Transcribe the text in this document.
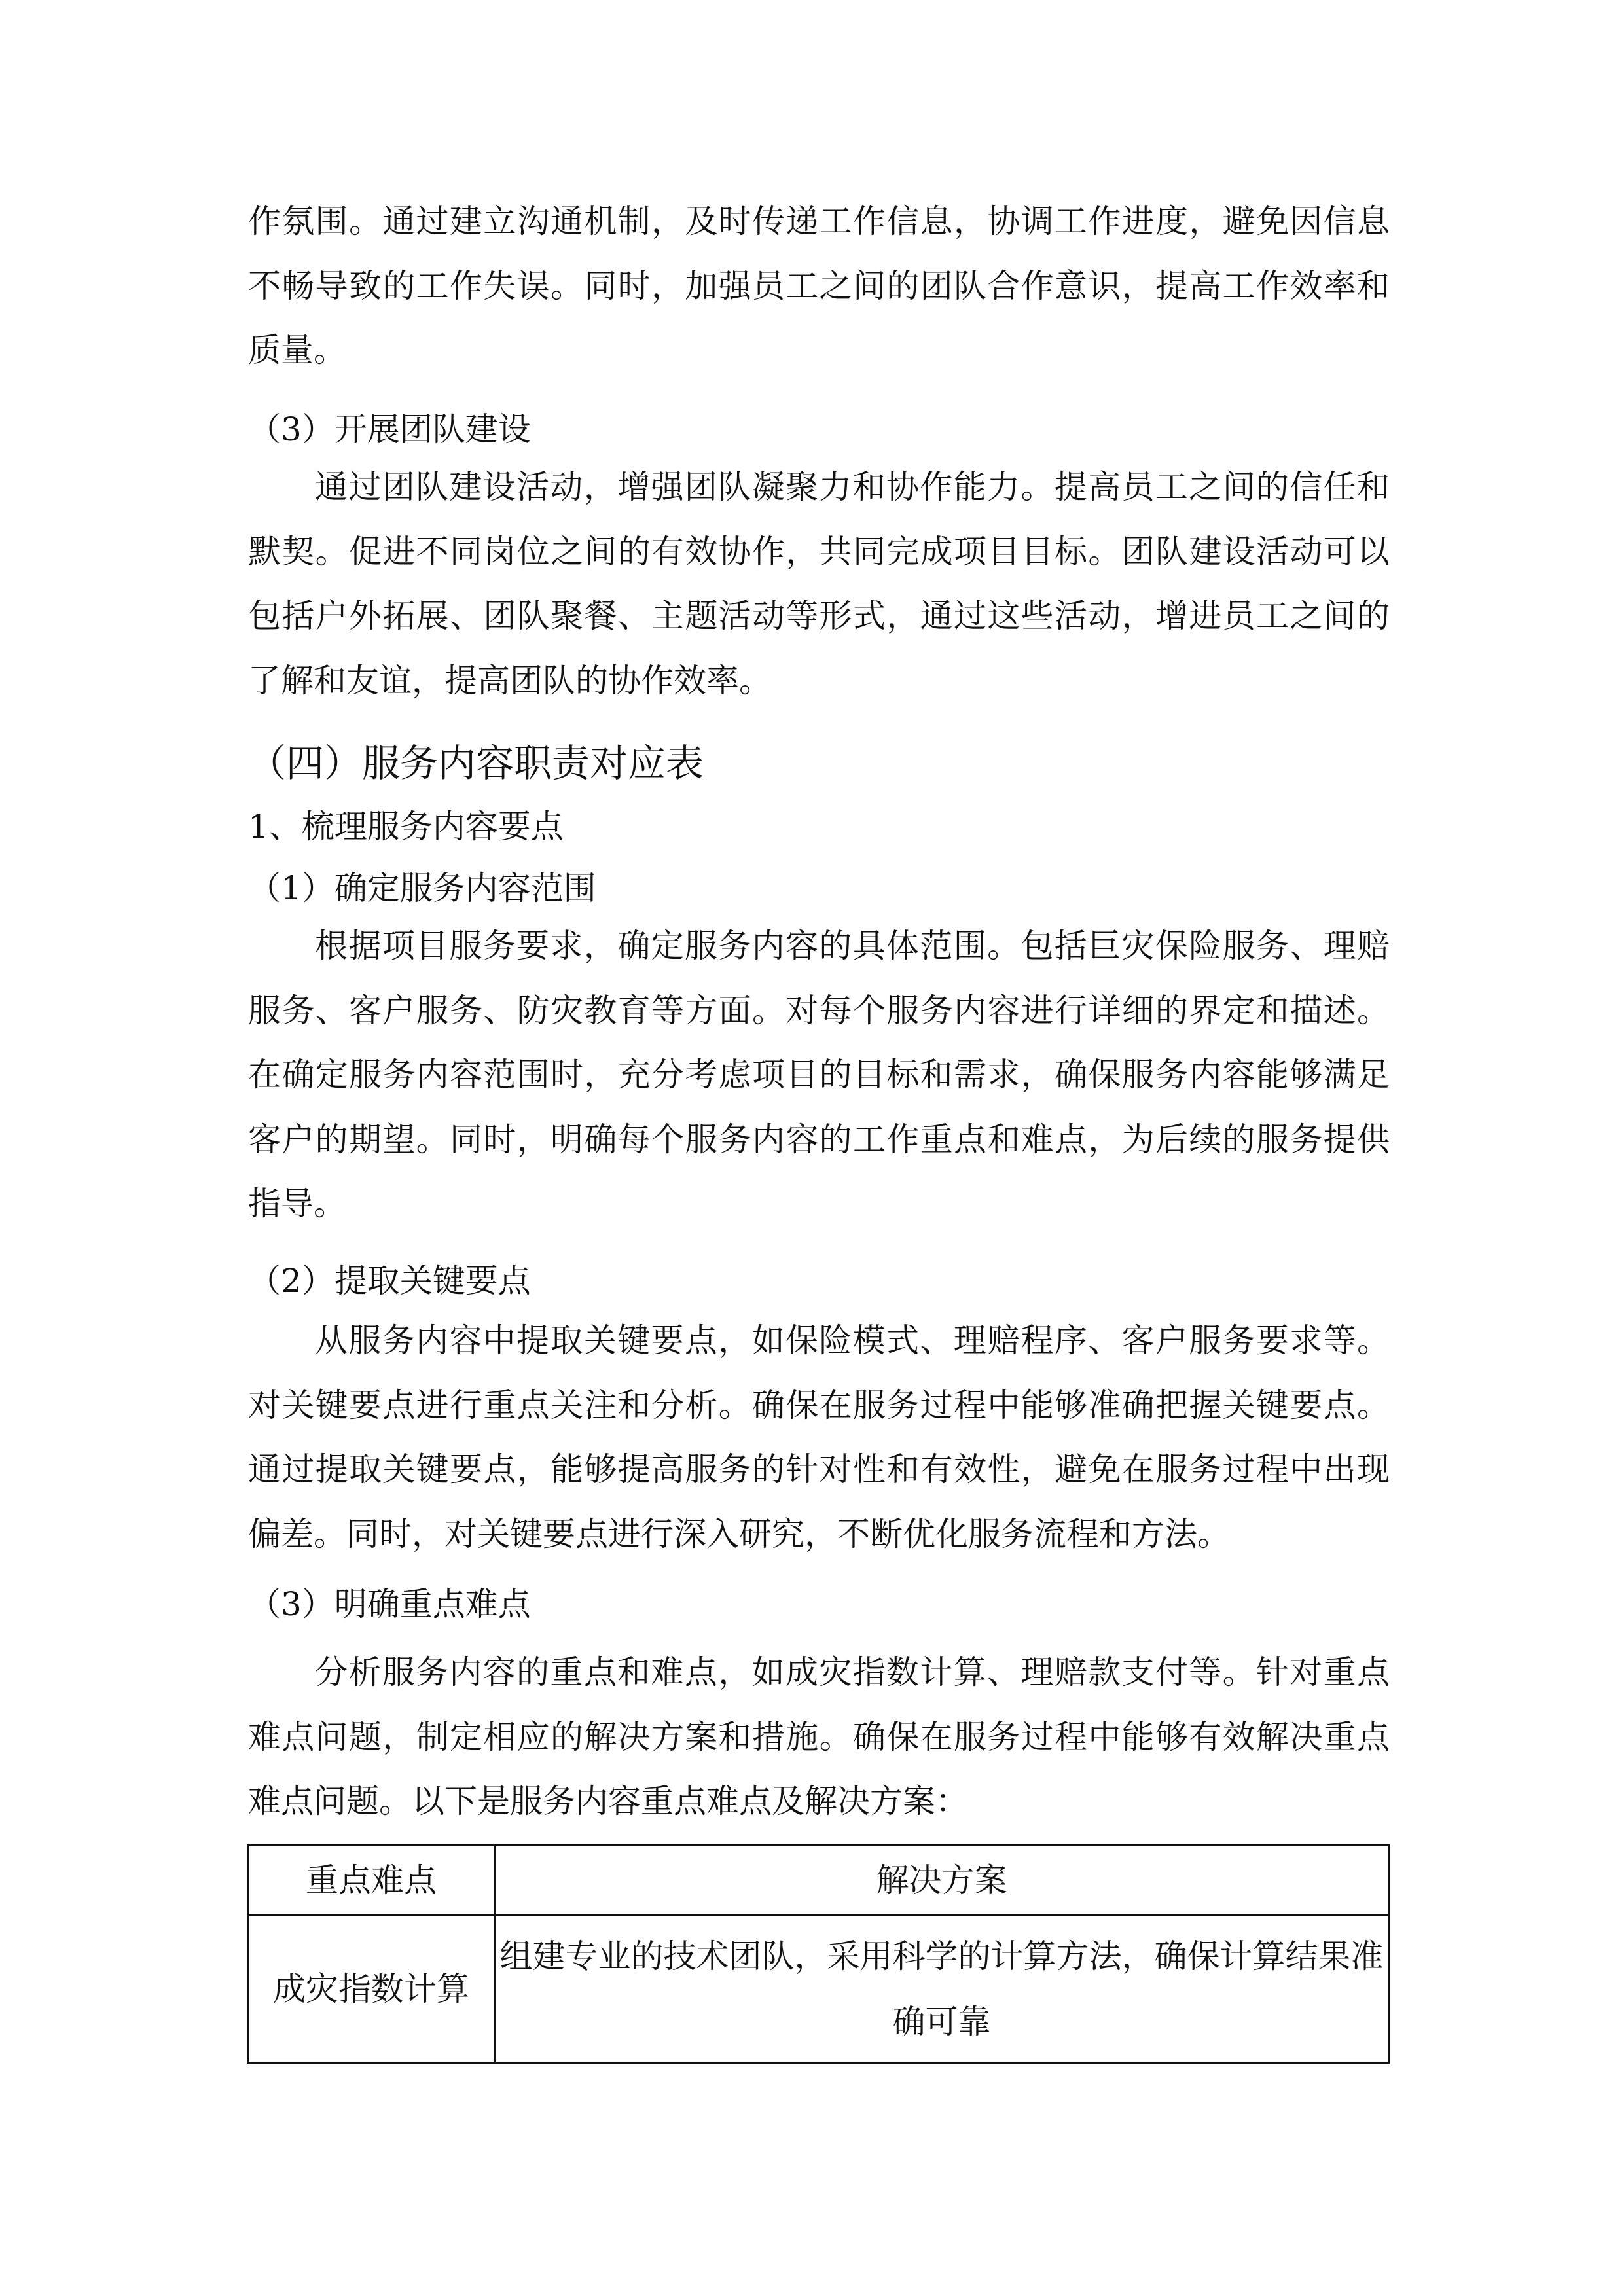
作氛围。通过建立沟通机制，及时传递工作信息，协调工作进度，避免因信息
不畅导致的工作失误。同时，加强员工之间的团队合作意识，提高工作效率和
质量。
（3）开展团队建设
通过团队建设活动，增强团队凝聚力和协作能力。提高员工之间的信任和
默契。促进不同岗位之间的有效协作，共同完成项目目标。团队建设活动可以
包括户外拓展、团队聚餐、主题活动等形式，通过这些活动，增进员工之间的
了解和友谊，提高团队的协作效率。
（四）服务内容职责对应表
1、梳理服务内容要点
（1）确定服务内容范围
根据项目服务要求，确定服务内容的具体范围。包括巨灾保险服务、理赔
服务、客户服务、防灾教育等方面。对每个服务内容进行详细的界定和描述。
在确定服务内容范围时，充分考虑项目的目标和需求，确保服务内容能够满足
客户的期望。同时，明确每个服务内容的工作重点和难点，为后续的服务提供
指导。
（2）提取关键要点
从服务内容中提取关键要点，如保险模式、理赔程序、客户服务要求等。
对关键要点进行重点关注和分析。确保在服务过程中能够准确把握关键要点。
通过提取关键要点，能够提高服务的针对性和有效性，避免在服务过程中出现
偏差。同时，对关键要点进行深入研究，不断优化服务流程和方法。
（3）明确重点难点
分析服务内容的重点和难点，如成灾指数计算、理赔款支付等。针对重点
难点问题，制定相应的解决方案和措施。确保在服务过程中能够有效解决重点
难点问题。以下是服务内容重点难点及解决方案：
重点难点	解决方案
成灾指数计算	组建专业的技术团队，采用科学的计算方法，确保计算结果准
确可靠
